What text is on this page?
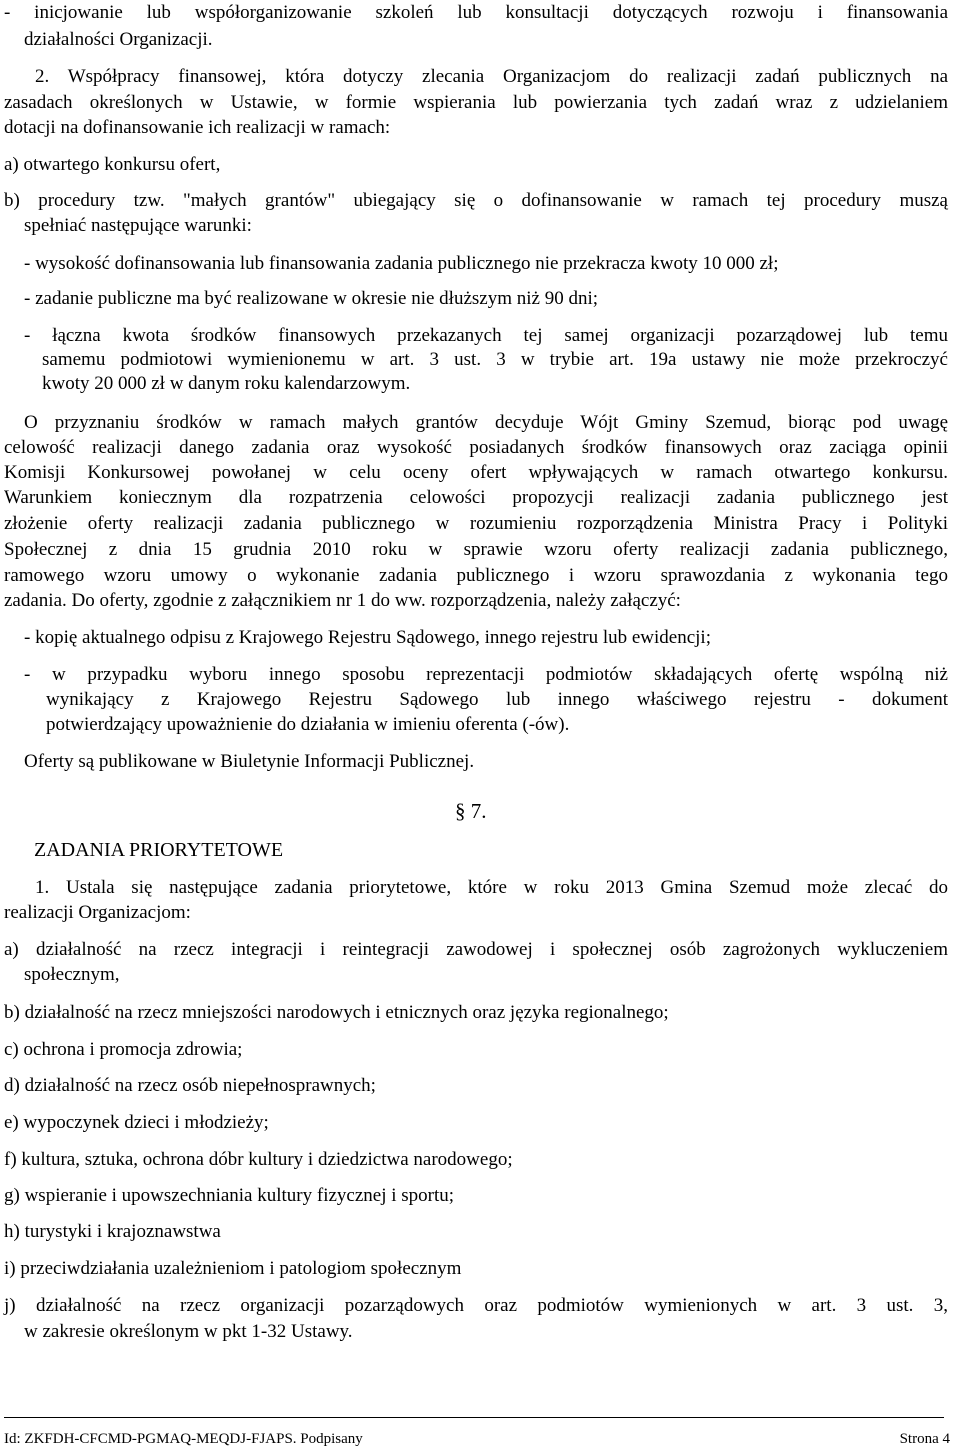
- inicjowanie lub współorganizowanie szkoleń lub konsultacji dotyczących rozwoju i finansowania
działalności Organizacji.
2. Współpracy finansowej, która dotyczy zlecania Organizacjom do realizacji zadań publicznych na
zasadach określonych w Ustawie, w formie wspierania lub powierzania tych zadań wraz z udzielaniem
dotacji na dofinansowanie ich realizacji w ramach:
a) otwartego konkursu ofert,
b) procedury tzw. "małych grantów" ubiegający się o dofinansowanie w ramach tej procedury muszą
spełniać następujące warunki:
- wysokość dofinansowania lub finansowania zadania publicznego nie przekracza kwoty 10 000 zł;
- zadanie publiczne ma być realizowane w okresie nie dłuższym niż 90 dni;
- łączna kwota środków finansowych przekazanych tej samej organizacji pozarządowej lub temu
samemu podmiotowi wymienionemu w art. 3 ust. 3 w trybie art. 19a ustawy nie może przekroczyć
kwoty 20 000 zł w danym roku kalendarzowym.
O przyznaniu środków w ramach małych grantów decyduje Wójt Gminy Szemud, biorąc pod uwagę
celowość realizacji danego zadania oraz wysokość posiadanych środków finansowych oraz zaciąga opinii
Komisji Konkursowej powołanej w celu oceny ofert wpływających w ramach otwartego konkursu.
Warunkiem koniecznym dla rozpatrzenia celowości propozycji realizacji zadania publicznego jest
złożenie oferty realizacji zadania publicznego w rozumieniu rozporządzenia Ministra Pracy i Polityki
Społecznej z dnia 15 grudnia 2010 roku w sprawie wzoru oferty realizacji zadania publicznego,
ramowego wzoru umowy o wykonanie zadania publicznego i wzoru sprawozdania z wykonania tego
zadania. Do oferty, zgodnie z załącznikiem nr 1 do ww. rozporządzenia, należy załączyć:
- kopię aktualnego odpisu z Krajowego Rejestru Sądowego, innego rejestru lub ewidencji;
- w przypadku wyboru innego sposobu reprezentacji podmiotów składających ofertę wspólną niż
wynikający z Krajowego Rejestru Sądowego lub innego właściwego rejestru - dokument
potwierdzający upoważnienie do działania w imieniu oferenta (-ów).
Oferty są publikowane w Biuletynie Informacji Publicznej.
§ 7.
ZADANIA PRIORYTETOWE
1. Ustala się następujące zadania priorytetowe, które w roku 2013 Gmina Szemud może zlecać do
realizacji Organizacjom:
a) działalność na rzecz integracji i reintegracji zawodowej i społecznej osób zagrożonych wykluczeniem
społecznym,
b) działalność na rzecz mniejszości narodowych i etnicznych oraz języka regionalnego;
c) ochrona i promocja zdrowia;
d) działalność na rzecz osób niepełnosprawnych;
e) wypoczynek dzieci i młodzieży;
f) kultura, sztuka, ochrona dóbr kultury i dziedzictwa narodowego;
g) wspieranie i upowszechniania kultury fizycznej i sportu;
h) turystyki i krajoznawstwa
i) przeciwdziałania uzależnieniom i patologiom społecznym
j) działalność na rzecz organizacji pozarządowych oraz podmiotów wymienionych w art. 3 ust. 3,
w zakresie określonym w pkt 1-32 Ustawy.
Id: ZKFDH-CFCMD-PGMAQ-MEQDJ-FJAPS. Podpisany	Strona 4
